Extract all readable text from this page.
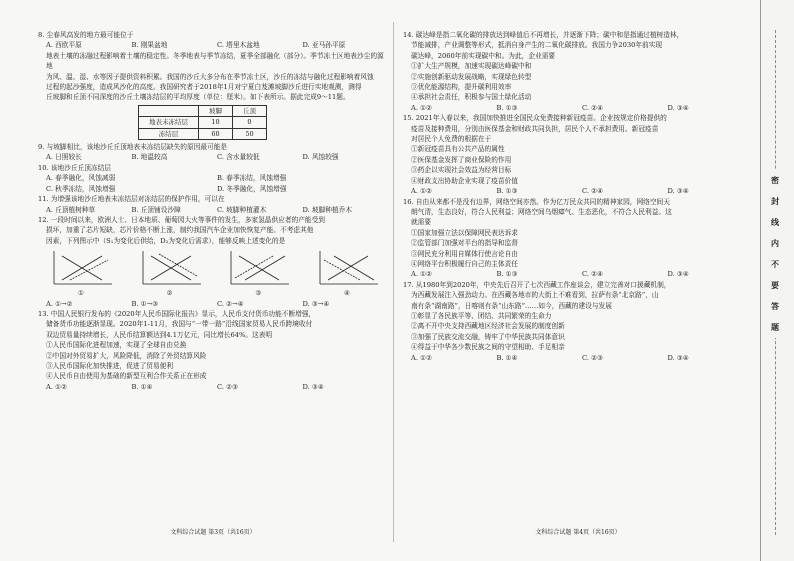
8. 尘春风高发的地方最可能位于
A. 西欧平原	B. 刚果盆地	C. 塔里木盆地	D. 亚马孙平原
地表土壤的冻融过程影响着土壤的稳定性。冬季地表与季节冻结，夏季全部融化（部分）。季节冻土区地表沙尘的源地
为风、温、湿、水等因子提供资料积累。我国的沙丘大多分布在季节冻土区，沙丘的冻结与融化过程影响着风蚀
过程的起沙强度，造成风沙化的高度。我国研究者于2018年1月对宁夏白芨滩坡脚沙丘进行实地观测，测得
丘坡脚和丘顶不同深度的沙丘土壤冻结层的平均厚度（单位：厘米）。如下表所示。据此完成9～11题。
	坡脚	丘顶
地表未冻结层	10	0
冻结层	60	50
9. 与坡脚相比，该地沙丘丘顶地表未冻结层缺失的原因最可能是
A. 日照较长	B. 地温较高	C. 含水量较低	D. 风蚀较强
10. 该地沙丘丘顶冻结层
A. 春季融化，风蚀减弱	B. 春季冻结，风蚀增强
C. 秋季冻结，风蚀增强	D. 冬季融化，风蚀增强
11. 为增强该地沙丘地表未冻结层对冻结层的保护作用，可以在
A. 丘顶植树种草	B. 丘顶铺设沙障	C. 坡脚种植灌木	D. 坡脚种植乔木
12. 一段时间以来，欧洲人士、日本地质、葡萄园大火等事件的发生，多家氢晶供应者的产能受到
损坏，加重了芯片短缺，芯片价格不断上涨，制约我国汽车企业加快恢复产能。不考虑其他
因素，下列图示中（S₁为变化后供给，D₂为变化后需求），能够反映上述变化的是
①	②	③	④
A. ①→②	B. ①→③	C. ②→④	D. ③→④
13. 中国人民银行发布的《2020年人民币国际化报告》显示，人民币支付货币功能不断增强，
储备货币功能逐渐显现。2020年1-11月，我国与“一带一路”沿线国家贸易人民币跨境收付
双边贸易量持续增长，人民币结算额达到4.1万亿元，同比增长64%。这表明
①人民币国际化进程加速，实现了全球自由兑换
②中国对外贸易扩大，风险降低，消除了外贸结算风险
③人民币国际化加快推进，促进了贸易便利
④人民币自由使用为基础的新型互利合作关系正在形成
A. ①②	B. ①④	C. ②③	D. ③④
文科综合试题 第3页（共16页）
14. 碳达峰是指二氧化碳的排放达到峰值后不再增长，并逐渐下降；碳中和是指通过植树造林，
节能减排，产业调整等形式，抵消自身产生的二氧化碳排放。我国力争2030年前实现
碳达峰，2060年前实现碳中和。为此，企业需要
①扩大生产规模，加速实现碳达峰碳中和
②实施创新驱动发展战略，实现绿色转型
③优化能源结构，提升碳利用效率
④承担社会责任，积极参与国土绿化活动
A. ①②	B. ①③	C. ②④	D. ③④
15. 2021年入春以来，我国加快推进全国民众免费接种新冠疫苗。企业按规定价格提供的
疫苗及接种费用，分别由医保基金和财政共同负担，居民个人不承担费用。新冠疫苗
对居民个人免费的根据在于
①新冠疫苗具有公共产品的属性
②医保基金发挥了商业保险的作用
③药企以实现社会效益为经营目标
④财政支出协助企业实现了疫苗价值
A. ①②	B. ①③	C. ②④	D. ③④
16. 自由从来都不是没有边界，网络空间亦然。作为亿万民众共同的精神家园，网络空间天
朗气清，生态良好，符合人民利益；网络空间乌烟瘴气、生态恶化，不符合人民利益。这
就需要
①国家加强立法以保障网民表达诉求
②监管部门加强对平台的指导和监督
③网民充分利用自媒体行使言论自由
④网络平台积极履行自己的主体责任
A. ①②	B. ①③	C. ②④	D. ③④
17. 从1980年到2020年，中央先后召开了七次西藏工作座谈会，建立完善对口援藏机制，
为西藏发展注入强劲动力。在西藏各地市的大街上不难看到，拉萨有条“北京路”，山
南有条“湖南路”，日喀则有条“山东路”……如今，西藏的建设与发展
①彰显了各民族平等、团结、共同繁荣的生命力
②离不开中央支持西藏地区经济社会发展的制度创新
③加强了民族交流交融，铸牢了中华民族共同体意识
④得益于中华各少数民族之间的守望相助、手足相亲
A. ①②	B. ①④	C. ②③	D. ③④
文科综合试题 第4页（共16页）
密
封
线
内
不
要
答
题
